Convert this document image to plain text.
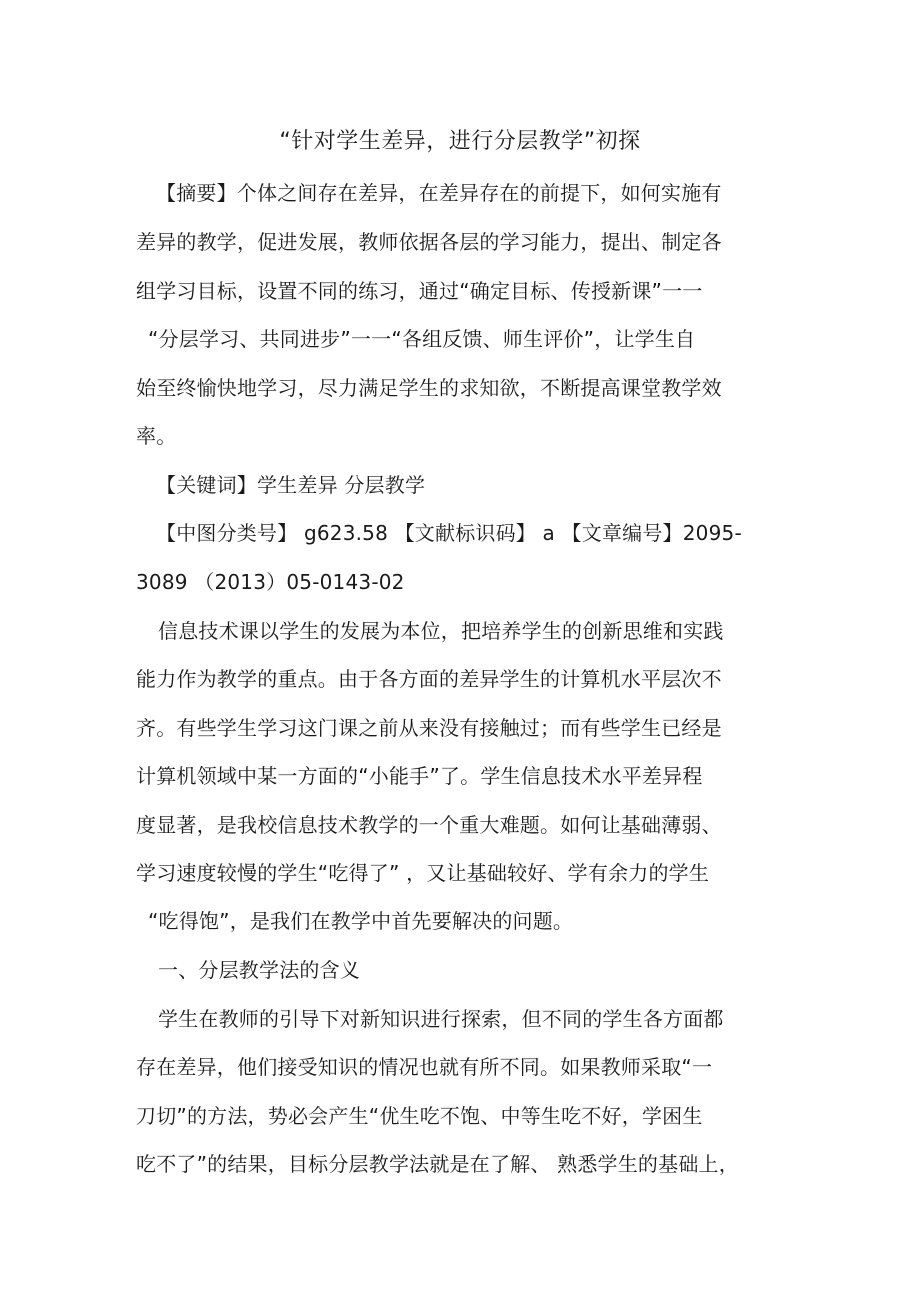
“针对学生差异，进行分层教学”初探
【摘要】个体之间存在差异，在差异存在的前提下，如何实施有
差异的教学，促进发展，教师依据各层的学习能力，提出、制定各
组学习目标，设置不同的练习，通过“确定目标、传授新课”一一
“分层学习、共同进步”一一“各组反馈、师生评价”，让学生自
始至终愉快地学习，尽力满足学生的求知欲，不断提高课堂教学效
率。
【关键词】学生差异 分层教学
【中图分类号】 g623.58 【文献标识码】 a 【文章编号】2095-
3089 （2013）05-0143-02
信息技术课以学生的发展为本位，把培养学生的创新思维和实践
能力作为教学的重点。由于各方面的差异学生的计算机水平层次不
齐。有些学生学习这门课之前从来没有接触过；而有些学生已经是
计算机领域中某一方面的“小能手”了。学生信息技术水平差异程
度显著，是我校信息技术教学的一个重大难题。如何让基础薄弱、
学习速度较慢的学生“吃得了” ，又让基础较好、学有余力的学生
“吃得饱”，是我们在教学中首先要解决的问题。
一、分层教学法的含义
学生在教师的引导下对新知识进行探索，但不同的学生各方面都
存在差异，他们接受知识的情况也就有所不同。如果教师采取“一
刀切”的方法，势必会产生“优生吃不饱、中等生吃不好，学困生
吃不了”的结果，目标分层教学法就是在了解、 熟悉学生的基础上，
